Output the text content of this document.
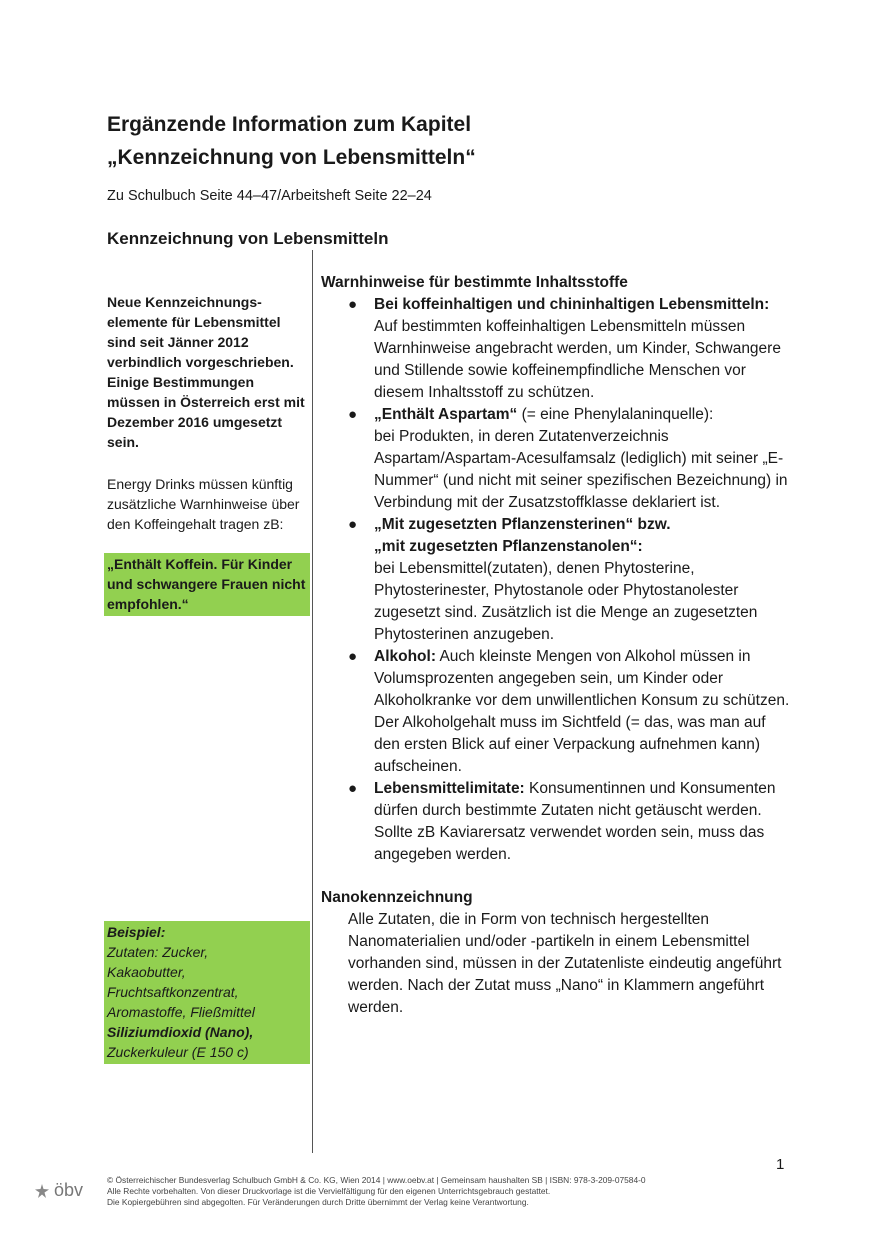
Ergänzende Information zum Kapitel
„Kennzeichnung von Lebensmitteln“
Zu Schulbuch Seite 44–47/Arbeitsheft Seite 22–24
Kennzeichnung von Lebensmitteln
Neue Kennzeichnungs-elemente für Lebensmittel sind seit Jänner 2012 verbindlich vorgeschrieben. Einige Bestimmungen müssen in Österreich erst mit Dezember 2016 umgesetzt sein.
Energy Drinks müssen künftig zusätzliche Warnhinweise über den Koffeingehalt tragen zB:
„Enthält Koffein. Für Kinder und schwangere Frauen nicht empfohlen.“
Beispiel:
Zutaten: Zucker,
Kakaobutter,
Fruchtsaftkonzentrat,
Aromastoffe, Fließmittel
Siliziumdioxid (Nano),
Zuckerkuleur (E 150 c)
Warnhinweise für bestimmte Inhaltsstoffe
● Bei koffeinhaltigen und chininhaltigen Lebensmitteln: Auf bestimmten koffeinhaltigen Lebensmitteln müssen Warnhinweise angebracht werden, um Kinder, Schwangere und Stillende sowie koffeinempfindliche Menschen vor diesem Inhaltsstoff zu schützen.
● „Enthält Aspartam“ (= eine Phenylalaninquelle):
bei Produkten, in deren Zutatenverzeichnis Aspartam/Aspartam-Acesulfamsalz (lediglich) mit seiner „E-Nummer“ (und nicht mit seiner spezifischen Bezeichnung) in Verbindung mit der Zusatzstoffklasse deklariert ist.
● „Mit zugesetzten Pflanzensterinen“ bzw.
„mit zugesetzten Pflanzenstanolen“:
bei Lebensmittel(zutaten), denen Phytosterine, Phytosterinester, Phytostanole oder Phytostanolester zugesetzt sind. Zusätzlich ist die Menge an zugesetzten Phytosterinen anzugeben.
● Alkohol: Auch kleinste Mengen von Alkohol müssen in Volumsprozenten angegeben sein, um Kinder oder Alkoholkranke vor dem unwillentlichen Konsum zu schützen. Der Alkoholgehalt muss im Sichtfeld (= das, was man auf den ersten Blick auf einer Verpackung aufnehmen kann) aufscheinen.
● Lebensmittelimitate: Konsumentinnen und Konsumenten dürfen durch bestimmte Zutaten nicht getäuscht werden. Sollte zB Kaviarersatz verwendet worden sein, muss das angegeben werden.
Nanokennzeichnung
Alle Zutaten, die in Form von technisch hergestellten Nanomaterialien und/oder -partikeln in einem Lebensmittel vorhanden sind, müssen in der Zutatenliste eindeutig angeführt werden. Nach der Zutat muss „Nano“ in Klammern angeführt werden.
1
öbv	© Österreichischer Bundesverlag Schulbuch GmbH & Co. KG, Wien 2014 | www.oebv.at | Gemeinsam haushalten SB | ISBN: 978-3-209-07584-0
Alle Rechte vorbehalten. Von dieser Druckvorlage ist die Vervielfältigung für den eigenen Unterrichtsgebrauch gestattet.
Die Kopiergebühren sind abgegolten. Für Veränderungen durch Dritte übernimmt der Verlag keine Verantwortung.
